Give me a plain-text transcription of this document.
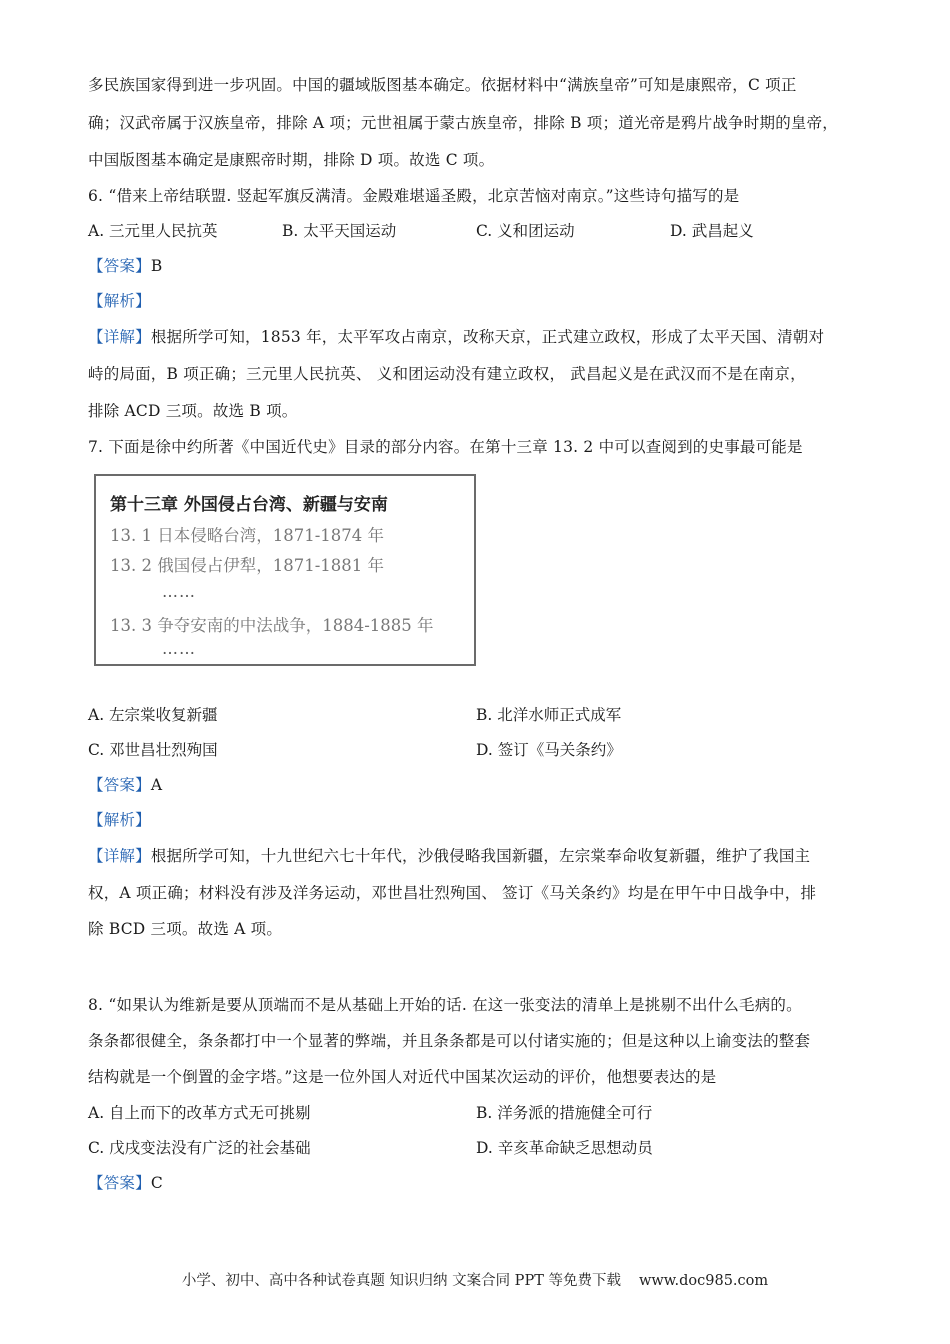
多民族国家得到进一步巩固。中国的疆域版图基本确定。依据材料中“满族皇帝”可知是康熙帝，C 项正
确；汉武帝属于汉族皇帝，排除 A 项；元世祖属于蒙古族皇帝，排除 B 项；道光帝是鸦片战争时期的皇帝，
中国版图基本确定是康熙帝时期，排除 D 项。故选 C 项。
6. “借来上帝结联盟. 竖起军旗反满清。金殿难堪遥圣殿，北京苦恼对南京。”这些诗句描写的是
A. 三元里人民抗英	B. 太平天国运动	C. 义和团运动	D. 武昌起义
【答案】B
【解析】
【详解】根据所学可知，1853 年，太平军攻占南京，改称天京，正式建立政权，形成了太平天国、清朝对
峙的局面，B 项正确；三元里人民抗英、 义和团运动没有建立政权， 武昌起义是在武汉而不是在南京，
排除 ACD 三项。故选 B 项。
7. 下面是徐中约所著《中国近代史》目录的部分内容。在第十三章 13. 2 中可以查阅到的史事最可能是
第十三章 外国侵占台湾、新疆与安南
13. 1 日本侵略台湾，1871-1874 年
13. 2 俄国侵占伊犁，1871-1881 年
……
13. 3 争夺安南的中法战争，1884-1885 年
……
A. 左宗棠收复新疆	B. 北洋水师正式成军
C. 邓世昌壮烈殉国	D. 签订《马关条约》
【答案】A
【解析】
【详解】根据所学可知，十九世纪六七十年代，沙俄侵略我国新疆，左宗棠奉命收复新疆，维护了我国主
权，A 项正确；材料没有涉及洋务运动，邓世昌壮烈殉国、 签订《马关条约》均是在甲午中日战争中，排
除 BCD 三项。故选 A 项。
8. “如果认为维新是要从顶端而不是从基础上开始的话. 在这一张变法的清单上是挑剔不出什么毛病的。
条条都很健全，条条都打中一个显著的弊端，并且条条都是可以付诸实施的；但是这种以上谕变法的整套
结构就是一个倒置的金字塔。”这是一位外国人对近代中国某次运动的评价，他想要表达的是
A. 自上而下的改革方式无可挑剔	B. 洋务派的措施健全可行
C. 戊戌变法没有广泛的社会基础	D. 辛亥革命缺乏思想动员
【答案】C
小学、初中、高中各种试卷真题 知识归纳 文案合同 PPT 等免费下载 www.doc985.com
